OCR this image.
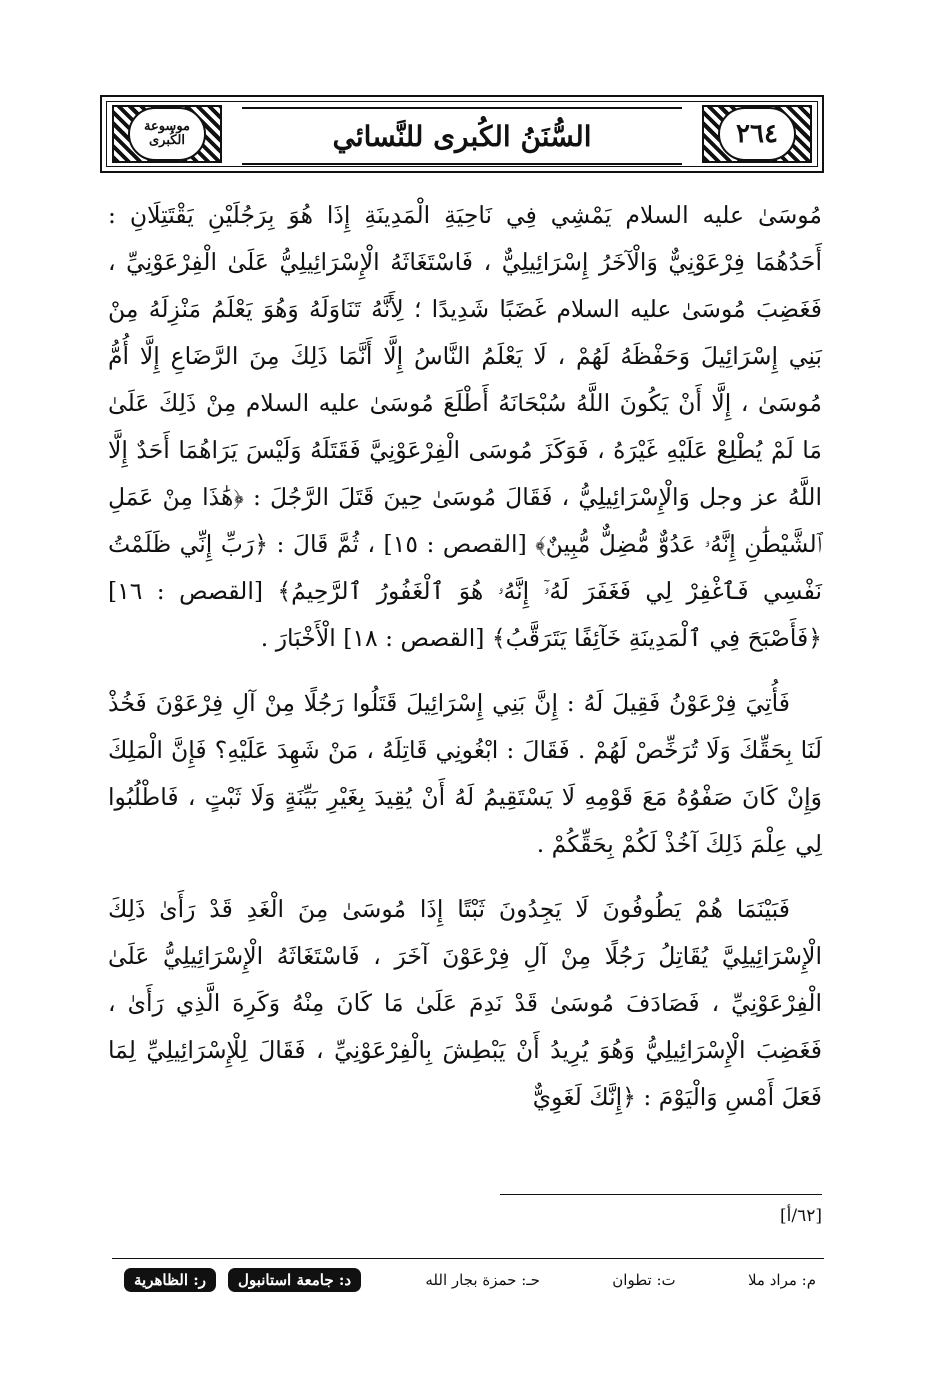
موسوعة الكُبرى	السُّنَنُ الكُبرى للنَّسائي	٢٦٤

مُوسَىٰ عليه السلام يَمْشِي فِي نَاحِيَةِ الْمَدِينَةِ إِذَا هُوَ بِرَجُلَيْنِ يَقْتَتِلَانِ : أَحَدُهُمَا فِرْعَوْنِيٌّ وَالْآخَرُ إِسْرَائِيلِيٌّ ، فَاسْتَغَاثَهُ الْإِسْرَائِيلِيُّ عَلَىٰ الْفِرْعَوْنِيِّ ، فَغَضِبَ مُوسَىٰ عليه السلام غَضَبًا شَدِيدًا ؛ لِأَنَّهُ تَنَاوَلَهُ وَهُوَ يَعْلَمُ مَنْزِلَهُ مِنْ بَنِي إِسْرَائِيلَ وَحَفْظَهُ لَهُمْ ، لَا يَعْلَمُ النَّاسُ إِلَّا أَنَّمَا ذَلِكَ مِنَ الرَّضَاعِ إِلَّا أُمُّ مُوسَىٰ ، إِلَّا أَنْ يَكُونَ اللَّهُ سُبْحَانَهُ أَطْلَعَ مُوسَىٰ عليه السلام مِنْ ذَلِكَ عَلَىٰ مَا لَمْ يُطْلِعْ عَلَيْهِ غَيْرَهُ ، فَوَكَزَ مُوسَى الْفِرْعَوْنِيَّ فَقَتَلَهُ وَلَيْسَ يَرَاهُمَا أَحَدٌ إِلَّا اللَّهُ عز وجل وَالْإِسْرَائِيلِيُّ ، فَقَالَ مُوسَىٰ حِينَ قَتَلَ الرَّجُلَ : ﴿هَٰذَا مِنْ عَمَلِ ٱلشَّيْطَٰنِ إِنَّهُۥ عَدُوٌّ مُّضِلٌّ مُّبِينٌ﴾ [القصص : ١٥] ، ثُمَّ قَالَ : ﴿رَبِّ إِنِّي ظَلَمْتُ نَفْسِي فَٱغْفِرْ لِي فَغَفَرَ لَهُۥٓ إِنَّهُۥ هُوَ ٱلْغَفُورُ ٱلرَّحِيمُ﴾ [القصص : ١٦] ﴿فَأَصْبَحَ فِي ٱلْمَدِينَةِ خَآئِفًا يَتَرَقَّبُ﴾ [القصص : ١٨] الْأَخْبَارَ .

فَأُتِيَ فِرْعَوْنُ فَقِيلَ لَهُ : إِنَّ بَنِي إِسْرَائِيلَ قَتَلُوا رَجُلًا مِنْ آلِ فِرْعَوْنَ فَخُذْ لَنَا بِحَقِّكَ وَلَا تُرَخِّصْ لَهُمْ . فَقَالَ : ابْغُونِي قَاتِلَهُ ، مَنْ شَهِدَ عَلَيْهِ؟ فَإِنَّ الْمَلِكَ وَإِنْ كَانَ صَفْوُهُ مَعَ قَوْمِهِ لَا يَسْتَقِيمُ لَهُ أَنْ يُقِيدَ بِغَيْرِ بَيِّنَةٍ وَلَا ثَبْتٍ ، فَاطْلُبُوا لِي عِلْمَ ذَلِكَ آخُذْ لَكُمْ بِحَقِّكُمْ .

فَبَيْنَمَا هُمْ يَطُوفُونَ لَا يَجِدُونَ ثَبْتًا إِذَا مُوسَىٰ مِنَ الْغَدِ قَدْ رَأَىٰ ذَلِكَ الْإِسْرَائِيلِيَّ يُقَاتِلُ رَجُلًا مِنْ آلِ فِرْعَوْنَ آخَرَ ، فَاسْتَغَاثَهُ الْإِسْرَائِيلِيُّ عَلَىٰ الْفِرْعَوْنِيِّ ، فَصَادَفَ مُوسَىٰ قَدْ نَدِمَ عَلَىٰ مَا كَانَ مِنْهُ وَكَرِهَ الَّذِي رَأَىٰ ، فَغَضِبَ الْإِسْرَائِيلِيُّ وَهُوَ يُرِيدُ أَنْ يَبْطِشَ بِالْفِرْعَوْنِيِّ ، فَقَالَ لِلْإِسْرَائِيلِيِّ لِمَا فَعَلَ أَمْسِ وَالْيَوْمَ : ﴿إِنَّكَ لَغَوِيٌّ

[٦٢/أ]
م: مراد ملا
ت: تطوان
حـ: حمزة بجار الله
د: جامعة استانبول
ر: الظاهرية
